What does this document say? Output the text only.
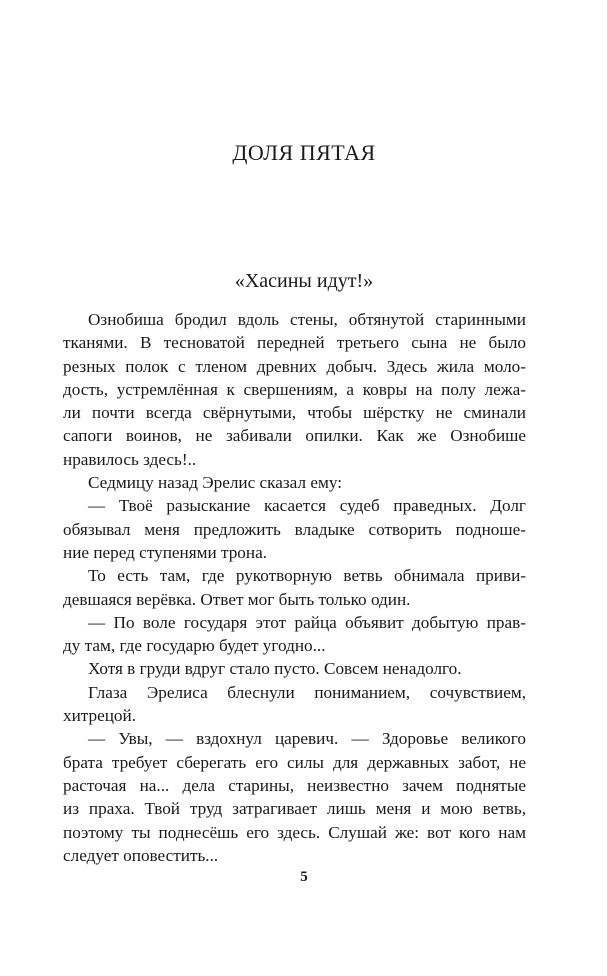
ДОЛЯ ПЯТАЯ
«Хасины идут!»
Ознобиша бродил вдоль стены, обтянутой старинными
тканями. В тесноватой передней третьего сына не было
резных полок с тленом древних добыч. Здесь жила моло-
дость, устремлённая к свершениям, а ковры на полу лежа-
ли почти всегда свёрнутыми, чтобы шёрстку не сминали
сапоги воинов, не забивали опилки. Как же Ознобише
нравилось здесь!..
Седмицу назад Эрелис сказал ему:
— Твоё разыскание касается судеб праведных. Долг
обязывал меня предложить владыке сотворить подноше-
ние перед ступенями трона.
То есть там, где рукотворную ветвь обнимала приви-
девшаяся верёвка. Ответ мог быть только один.
— По воле государя этот райца объявит добытую прав-
ду там, где государю будет угодно...
Хотя в груди вдруг стало пусто. Совсем ненадолго.
Глаза Эрелиса блеснули пониманием, сочувствием,
хитрецой.
— Увы, — вздохнул царевич. — Здоровье великого
брата требует сберегать его силы для державных забот, не
расточая на... дела старины, неизвестно зачем поднятые
из праха. Твой труд затрагивает лишь меня и мою ветвь,
поэтому ты поднесёшь его здесь. Слушай же: вот кого нам
следует оповестить...
5
